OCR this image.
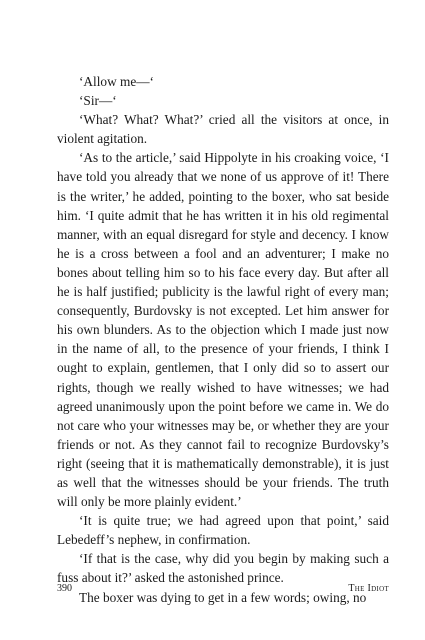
‘Allow me—‘

‘Sir—‘

‘What? What? What?’ cried all the visitors at once, in violent agitation.

‘As to the article,’ said Hippolyte in his croaking voice, ‘I have told you already that we none of us approve of it! There is the writer,’ he added, pointing to the boxer, who sat beside him. ‘I quite admit that he has written it in his old regimental manner, with an equal disregard for style and decency. I know he is a cross between a fool and an adventurer; I make no bones about telling him so to his face every day. But after all he is half justified; publicity is the lawful right of every man; consequently, Burdovsky is not excepted. Let him answer for his own blunders. As to the objection which I made just now in the name of all, to the presence of your friends, I think I ought to explain, gentlemen, that I only did so to assert our rights, though we really wished to have witnesses; we had agreed unanimously upon the point before we came in. We do not care who your witnesses may be, or whether they are your friends or not. As they cannot fail to recognize Burdovsky’s right (seeing that it is mathematically demonstrable), it is just as well that the witnesses should be your friends. The truth will only be more plainly evident.’

‘It is quite true; we had agreed upon that point,’ said Lebedeff’s nephew, in confirmation.

‘If that is the case, why did you begin by making such a fuss about it?’ asked the astonished prince.

The boxer was dying to get in a few words; owing, no

390	The Idiot
